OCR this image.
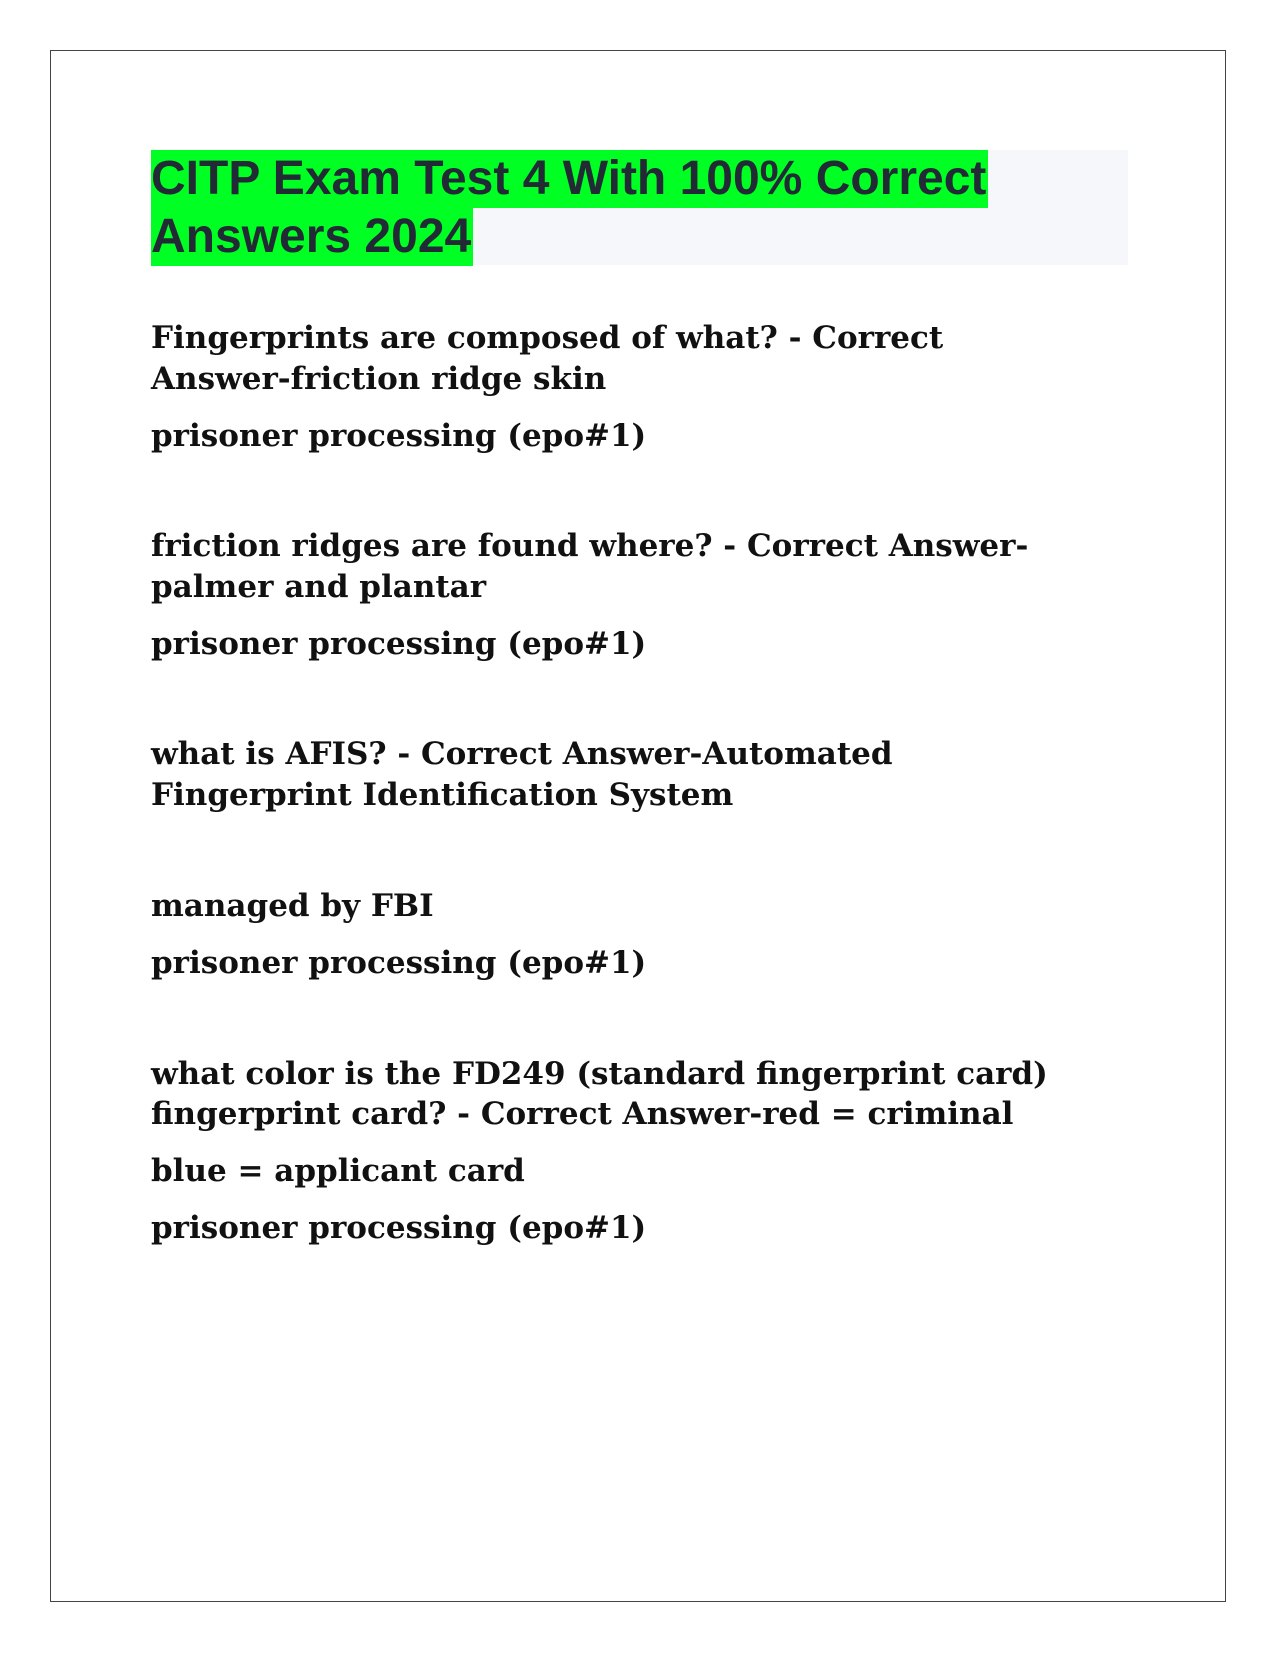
CITP Exam Test 4 With 100% Correct
Answers 2024
Fingerprints are composed of what? - Correct
Answer-friction ridge skin
prisoner processing (epo#1)
friction ridges are found where? - Correct Answer-
palmer and plantar
prisoner processing (epo#1)
what is AFIS? - Correct Answer-Automated
Fingerprint Identification System
managed by FBI
prisoner processing (epo#1)
what color is the FD249 (standard fingerprint card)
fingerprint card? - Correct Answer-red = criminal
blue = applicant card
prisoner processing (epo#1)
